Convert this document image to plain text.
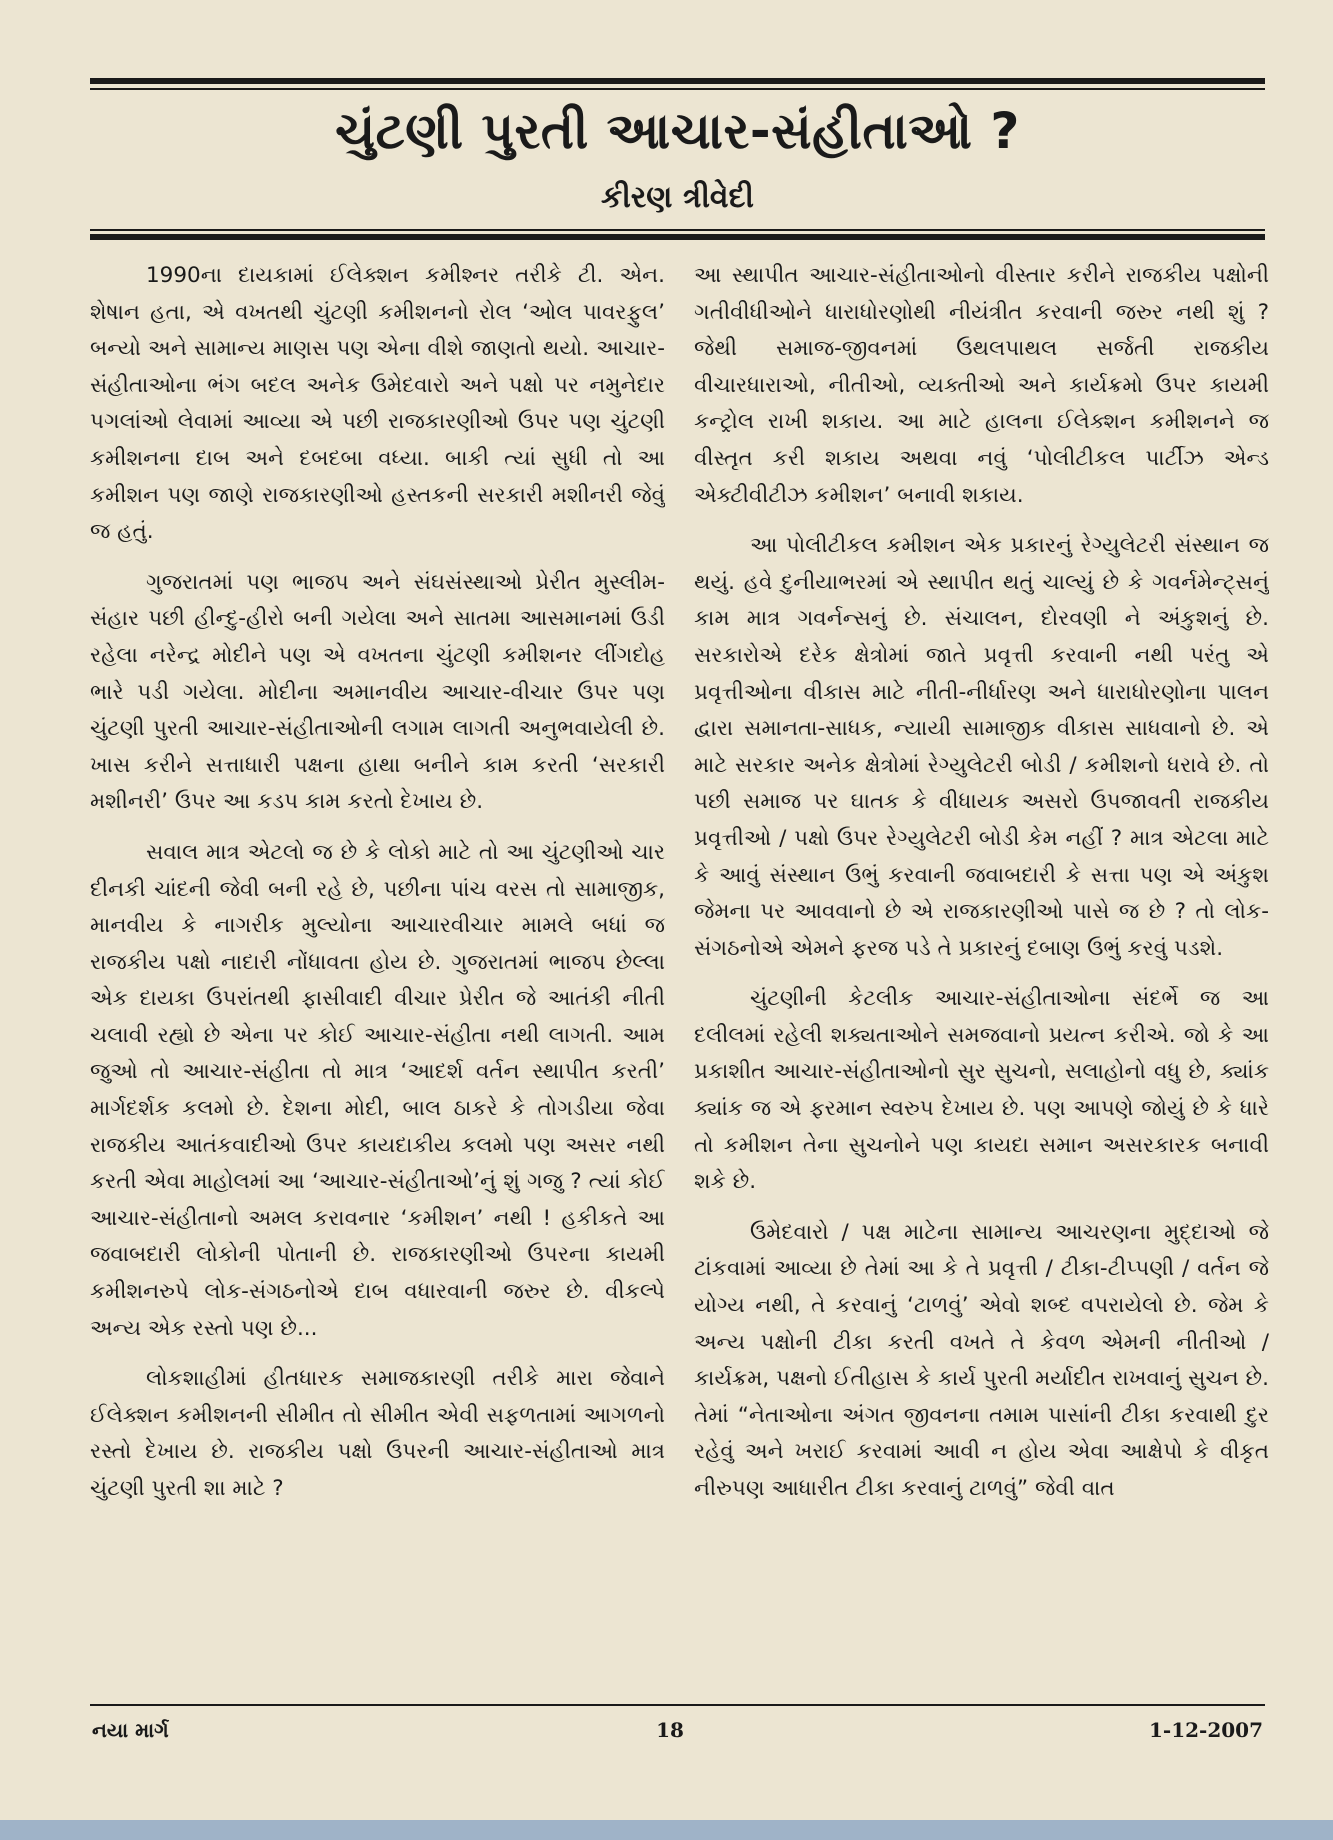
ચુંટણી પુરતી આચાર-સંહીતાઓ ?
કીરણ ત્રીવેદી

1990ના દાયકામાં ઈલેક્શન કમીશ્નર તરીકે ટી. એન. શેષાન હતા, એ વખતથી ચુંટણી કમીશનનો રોલ ‘ઓલ પાવરફુલ’ બન્યો અને સામાન્ય માણસ પણ એના વીશે જાણતો થયો. આચાર-સંહીતાઓના ભંગ બદલ અનેક ઉમેદવારો અને પક્ષો પર નમુનેદાર પગલાંઓ લેવામાં આવ્યા એ પછી રાજકારણીઓ ઉપર પણ ચુંટણી કમીશનના દાબ અને દબદબા વધ્યા. બાકી ત્યાં સુધી તો આ કમીશન પણ જાણે રાજકારણીઓ હસ્તકની સરકારી મશીનરી જેવું જ હતું.

ગુજરાતમાં પણ ભાજપ અને સંઘસંસ્થાઓ પ્રેરીત મુસ્લીમ-સંહાર પછી હીન્દુ-હીરો બની ગયેલા અને સાતમા આસમાનમાં ઉડી રહેલા નરેન્દ્ર મોદીને પણ એ વખતના ચુંટણી કમીશનર લીંગદોહ ભારે પડી ગયેલા. મોદીના અમાનવીય આચાર-વીચાર ઉપર પણ ચુંટણી પુરતી આચાર-સંહીતાઓની લગામ લાગતી અનુભવાયેલી છે. ખાસ કરીને સત્તાધારી પક્ષના હાથા બનીને કામ કરતી ‘સરકારી મશીનરી’ ઉપર આ કડપ કામ કરતો દેખાય છે.

સવાલ માત્ર એટલો જ છે કે લોકો માટે તો આ ચુંટણીઓ ચાર દીનકી ચાંદની જેવી બની રહે છે, પછીના પાંચ વરસ તો સામાજીક, માનવીય કે નાગરીક મુલ્યોના આચારવીચાર મામલે બધાં જ રાજકીય પક્ષો નાદારી નોંધાવતા હોય છે. ગુજરાતમાં ભાજપ છેલ્લા એક દાયકા ઉપરાંતથી ફાસીવાદી વીચાર પ્રેરીત જે આતંકી નીતી ચલાવી રહ્યો છે એના પર કોઈ આચાર-સંહીતા નથી લાગતી. આમ જુઓ તો આચાર-સંહીતા તો માત્ર ‘આદર્શ વર્તન સ્થાપીત કરતી’ માર્ગદર્શક કલમો છે. દેશના મોદી, બાલ ઠાકરે કે તોગડીયા જેવા રાજકીય આતંકવાદીઓ ઉપર કાયદાકીય કલમો પણ અસર નથી કરતી એવા માહોલમાં આ ‘આચાર-સંહીતાઓ’નું શું ગજુ ? ત્યાં કોઈ આચાર-સંહીતાનો અમલ કરાવનાર ‘કમીશન’ નથી ! હકીકતે આ જવાબદારી લોકોની પોતાની છે. રાજકારણીઓ ઉપરના કાયમી કમીશનરુપે લોક-સંગઠનોએ દાબ વધારવાની જરુર છે. વીકલ્પે અન્ય એક રસ્તો પણ છે...

લોકશાહીમાં હીતધારક સમાજકારણી તરીકે મારા જેવાને ઈલેક્શન કમીશનની સીમીત તો સીમીત એવી સફળતામાં આગળનો રસ્તો દેખાય છે. રાજકીય પક્ષો ઉપરની આચાર-સંહીતાઓ માત્ર ચુંટણી પુરતી શા માટે ?

આ સ્થાપીત આચાર-સંહીતાઓનો વીસ્તાર કરીને રાજકીય પક્ષોની ગતીવીધીઓને ધારાધોરણોથી નીયંત્રીત કરવાની જરુર નથી શું ? જેથી સમાજ-જીવનમાં ઉથલપાથલ સર્જતી રાજકીય વીચારધારાઓ, નીતીઓ, વ્યક્તીઓ અને કાર્યક્રમો ઉપર કાયમી કન્ટ્રોલ રાખી શકાય. આ માટે હાલના ઈલેક્શન કમીશનને જ વીસ્તૃત કરી શકાય અથવા નવું ‘પોલીટીકલ પાર્ટીઝ એન્ડ એક્ટીવીટીઝ કમીશન’ બનાવી શકાય.

આ પોલીટીકલ કમીશન એક પ્રકારનું રેગ્યુલેટરી સંસ્થાન જ થયું. હવે દુનીયાભરમાં એ સ્થાપીત થતું ચાલ્યું છે કે ગવર્નમેન્ટ્સનું કામ માત્ર ગવર્નન્સનું છે. સંચાલન, દોરવણી ને અંકુશનું છે. સરકારોએ દરેક ક્ષેત્રોમાં જાતે પ્રવૃત્તી કરવાની નથી પરંતુ એ પ્રવૃત્તીઓના વીકાસ માટે નીતી-નીર્ધારણ અને ધારાધોરણોના પાલન દ્વારા સમાનતા-સાધક, ન્યાયી સામાજીક વીકાસ સાધવાનો છે. એ માટે સરકાર અનેક ક્ષેત્રોમાં રેગ્યુલેટરી બોડી / કમીશનો ધરાવે છે. તો પછી સમાજ પર ઘાતક કે વીધાયક અસરો ઉપજાવતી રાજકીય પ્રવૃત્તીઓ / પક્ષો ઉપર રેગ્યુલેટરી બોડી કેમ નહીં ? માત્ર એટલા માટે કે આવું સંસ્થાન ઉભું કરવાની જવાબદારી કે સત્તા પણ એ અંકુશ જેમના પર આવવાનો છે એ રાજકારણીઓ પાસે જ છે ? તો લોક- સંગઠનોએ એમને ફરજ પડે તે પ્રકારનું દબાણ ઉભું કરવું પડશે.

ચુંટણીની કેટલીક આચાર-સંહીતાઓના સંદર્ભે જ આ દલીલમાં રહેલી શક્યતાઓને સમજવાનો પ્રયત્ન કરીએ. જો કે આ પ્રકાશીત આચાર-સંહીતાઓનો સુર સુચનો, સલાહોનો વધુ છે, ક્યાંક ક્યાંક જ એ ફરમાન સ્વરુપ દેખાય છે. પણ આપણે જોયું છે કે ધારે તો કમીશન તેના સુચનોને પણ કાયદા સમાન અસરકારક બનાવી શકે છે.

ઉમેદવારો / પક્ષ માટેના સામાન્ય આચરણના મુદ્દાઓ જે ટાંકવામાં આવ્યા છે તેમાં આ કે તે પ્રવૃત્તી / ટીકા-ટીપ્પણી / વર્તન જે યોગ્ય નથી, તે કરવાનું ‘ટાળવું’ એવો શબ્દ વપરાયેલો છે. જેમ કે અન્ય પક્ષોની ટીકા કરતી વખતે તે કેવળ એમની નીતીઓ / કાર્યક્રમ, પક્ષનો ઈતીહાસ કે કાર્ય પુરતી મર્યાદીત રાખવાનું સુચન છે. તેમાં “નેતાઓના અંગત જીવનના તમામ પાસાંની ટીકા કરવાથી દુર રહેવું અને ખરાઈ કરવામાં આવી ન હોય એવા આક્ષેપો કે વીકૃત નીરુપણ આધારીત ટીકા કરવાનું ટાળવું” જેવી વાત

નયા માર્ગ	18	1-12-2007
